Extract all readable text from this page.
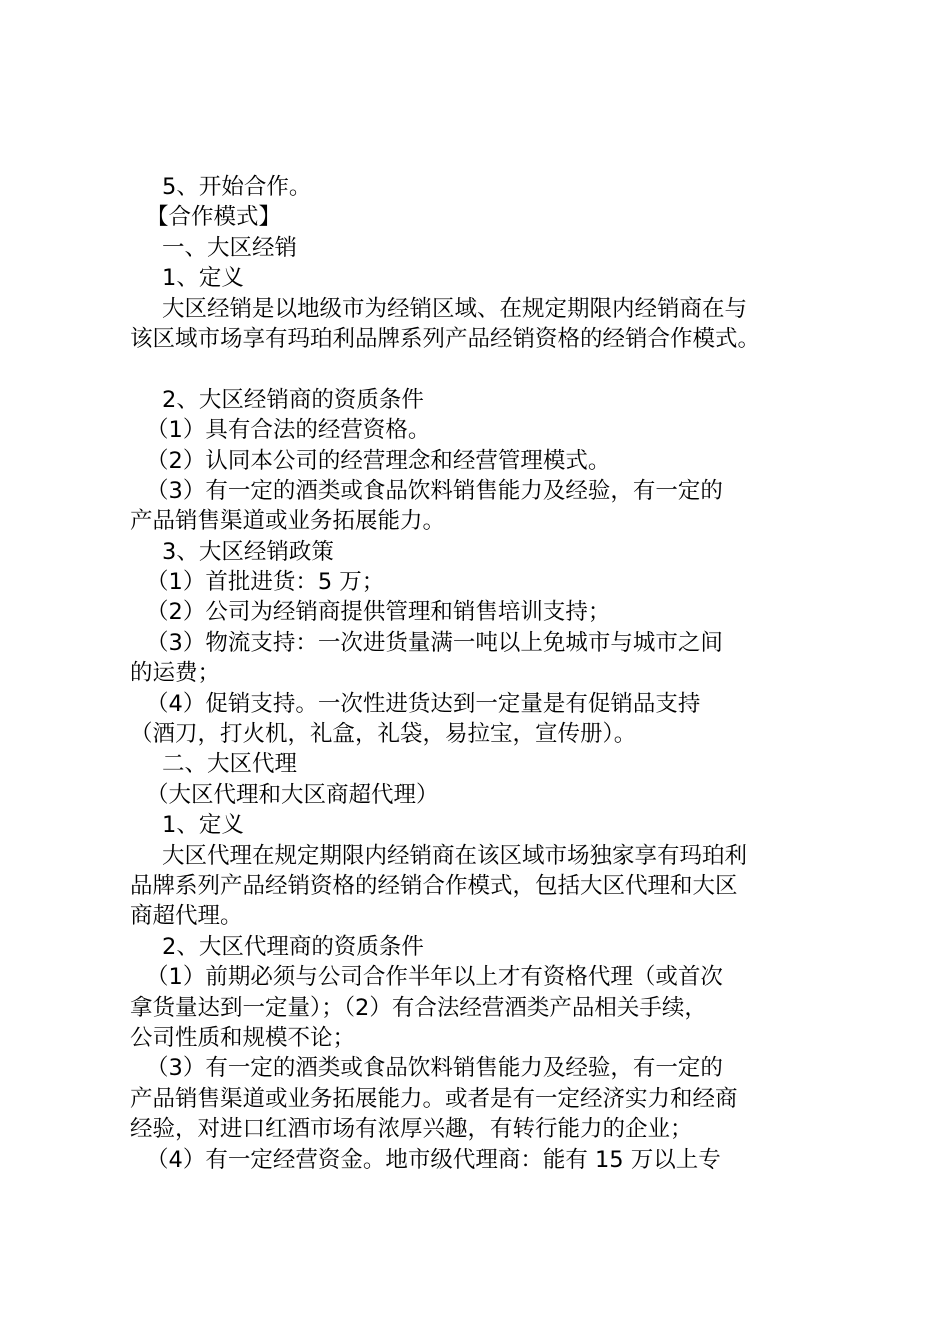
5、开始合作。
【合作模式】
一、大区经销
1、定义
大区经销是以地级市为经销区域、在规定期限内经销商在与
该区域市场享有玛珀利品牌系列产品经销资格的经销合作模式。
2、大区经销商的资质条件
（1）具有合法的经营资格。
（2）认同本公司的经营理念和经营管理模式。
（3）有一定的酒类或食品饮料销售能力及经验，有一定的
产品销售渠道或业务拓展能力。
3、大区经销政策
（1）首批进货：5 万；
（2）公司为经销商提供管理和销售培训支持；
（3）物流支持：一次进货量满一吨以上免城市与城市之间
的运费；
（4）促销支持。一次性进货达到一定量是有促销品支持
（酒刀，打火机，礼盒，礼袋，易拉宝，宣传册）。
二、大区代理
（大区代理和大区商超代理）
1、定义
大区代理在规定期限内经销商在该区域市场独家享有玛珀利
品牌系列产品经销资格的经销合作模式，包括大区代理和大区
商超代理。
2、大区代理商的资质条件
（1）前期必须与公司合作半年以上才有资格代理（或首次
拿货量达到一定量）；（2）有合法经营酒类产品相关手续，
公司性质和规模不论；
（3）有一定的酒类或食品饮料销售能力及经验，有一定的
产品销售渠道或业务拓展能力。或者是有一定经济实力和经商
经验，对进口红酒市场有浓厚兴趣，有转行能力的企业；
（4）有一定经营资金。地市级代理商：能有 15 万以上专
